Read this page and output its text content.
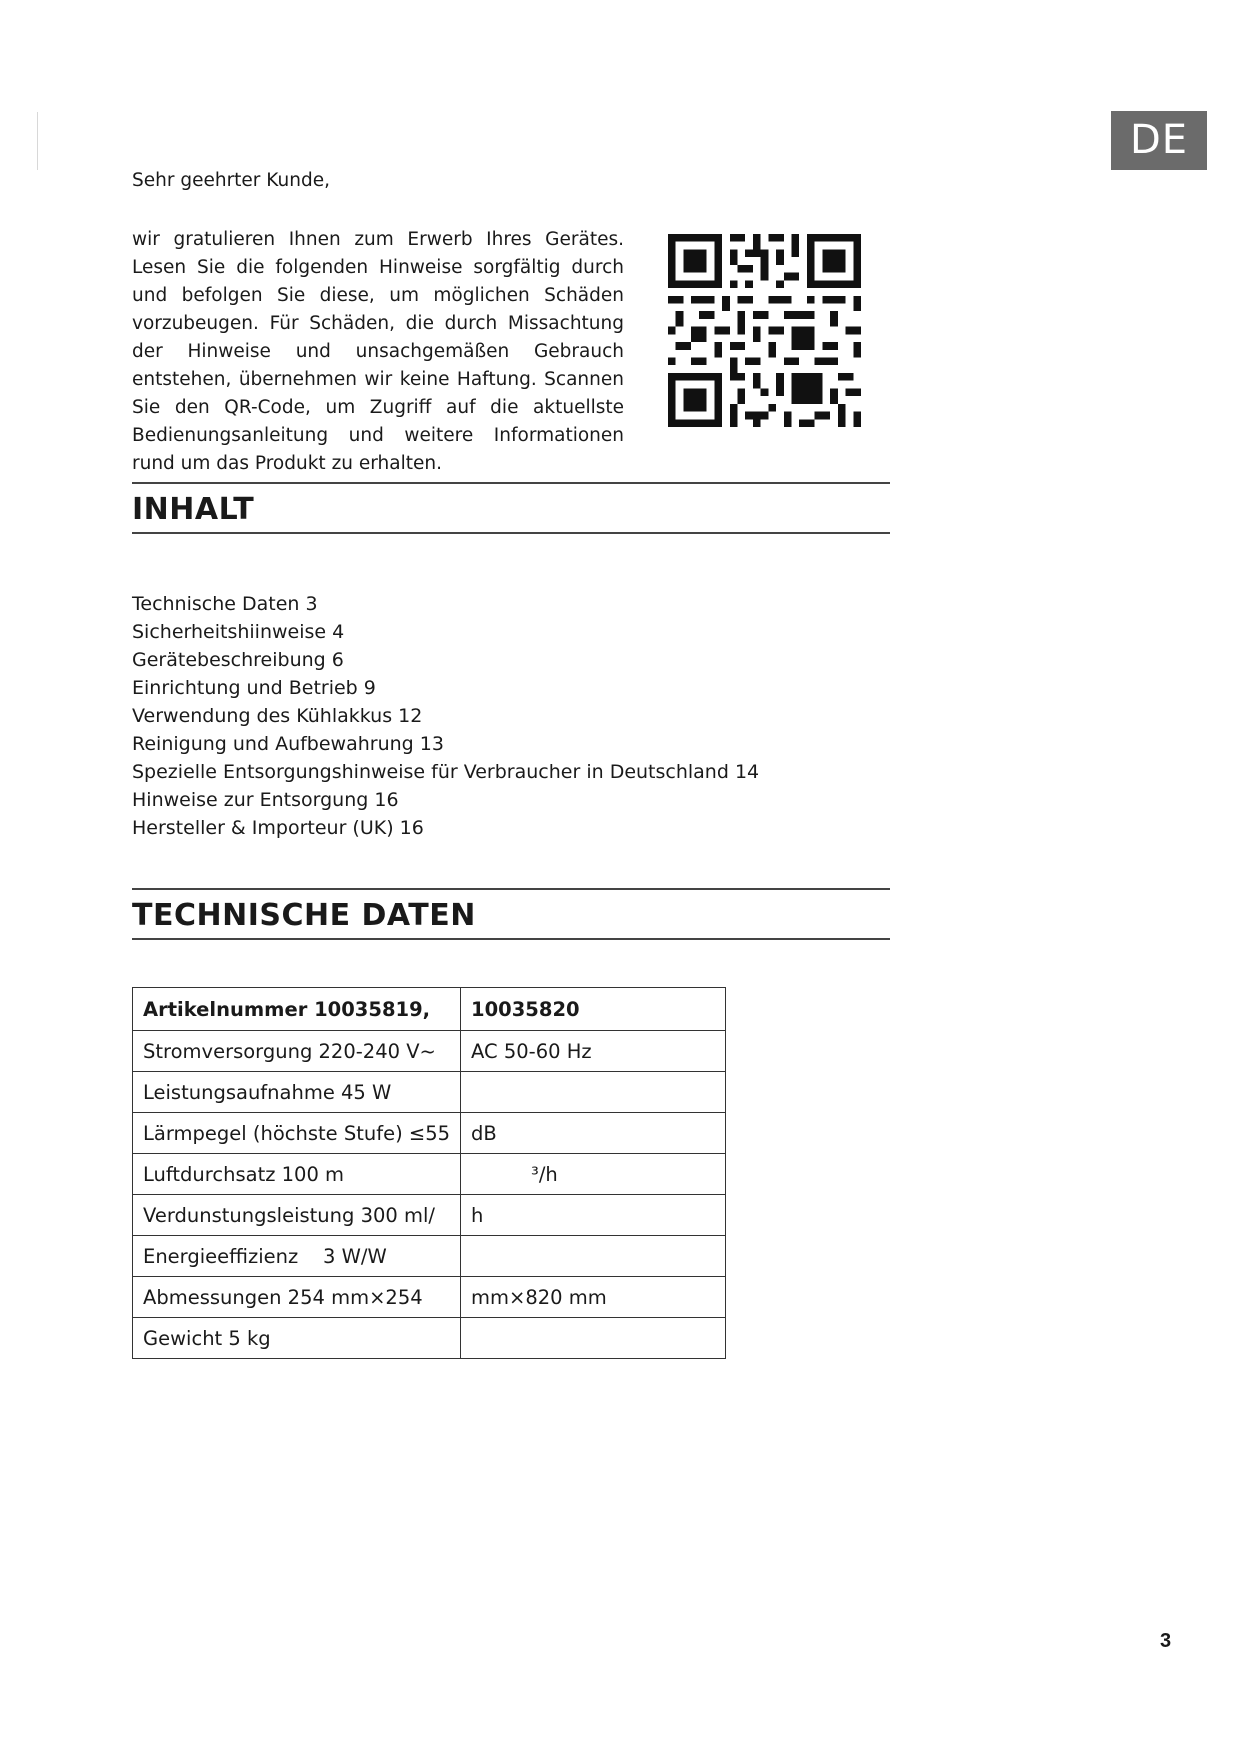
DE
Sehr geehrter Kunde,

wir gratulieren Ihnen zum Erwerb Ihres Gerätes. Lesen Sie die folgenden Hinweise sorgfältig durch und befolgen Sie diese, um möglichen Schäden vorzubeugen. Für Schäden, die durch Missachtung der Hinweise und unsachgemäßen Gebrauch entstehen, übernehmen wir keine Haftung. Scannen Sie den QR-Code, um Zugriff auf die aktuellste Bedienungsanleitung und weitere Informationen rund um das Produkt zu erhalten.

INHALT
Technische Daten 3
Sicherheitshiinweise 4
Gerätebeschreibung 6
Einrichtung und Betrieb 9
Verwendung des Kühlakkus 12
Reinigung und Aufbewahrung 13
Spezielle Entsorgungshinweise für Verbraucher in Deutschland 14
Hinweise zur Entsorgung 16
Hersteller & Importeur (UK) 16
TECHNISCHE DATEN
Artikelnummer 10035819,	10035820
Stromversorgung 220-240 V~	AC 50-60 Hz
Leistungsaufnahme 45 W	
Lärmpegel (höchste Stufe) ≤55	dB
Luftdurchsatz 100 m	³/h
Verdunstungsleistung 300 ml/	h
Energieeffizienz    3 W/W	
Abmessungen 254 mm×254	mm×820 mm
Gewicht 5 kg	
3
